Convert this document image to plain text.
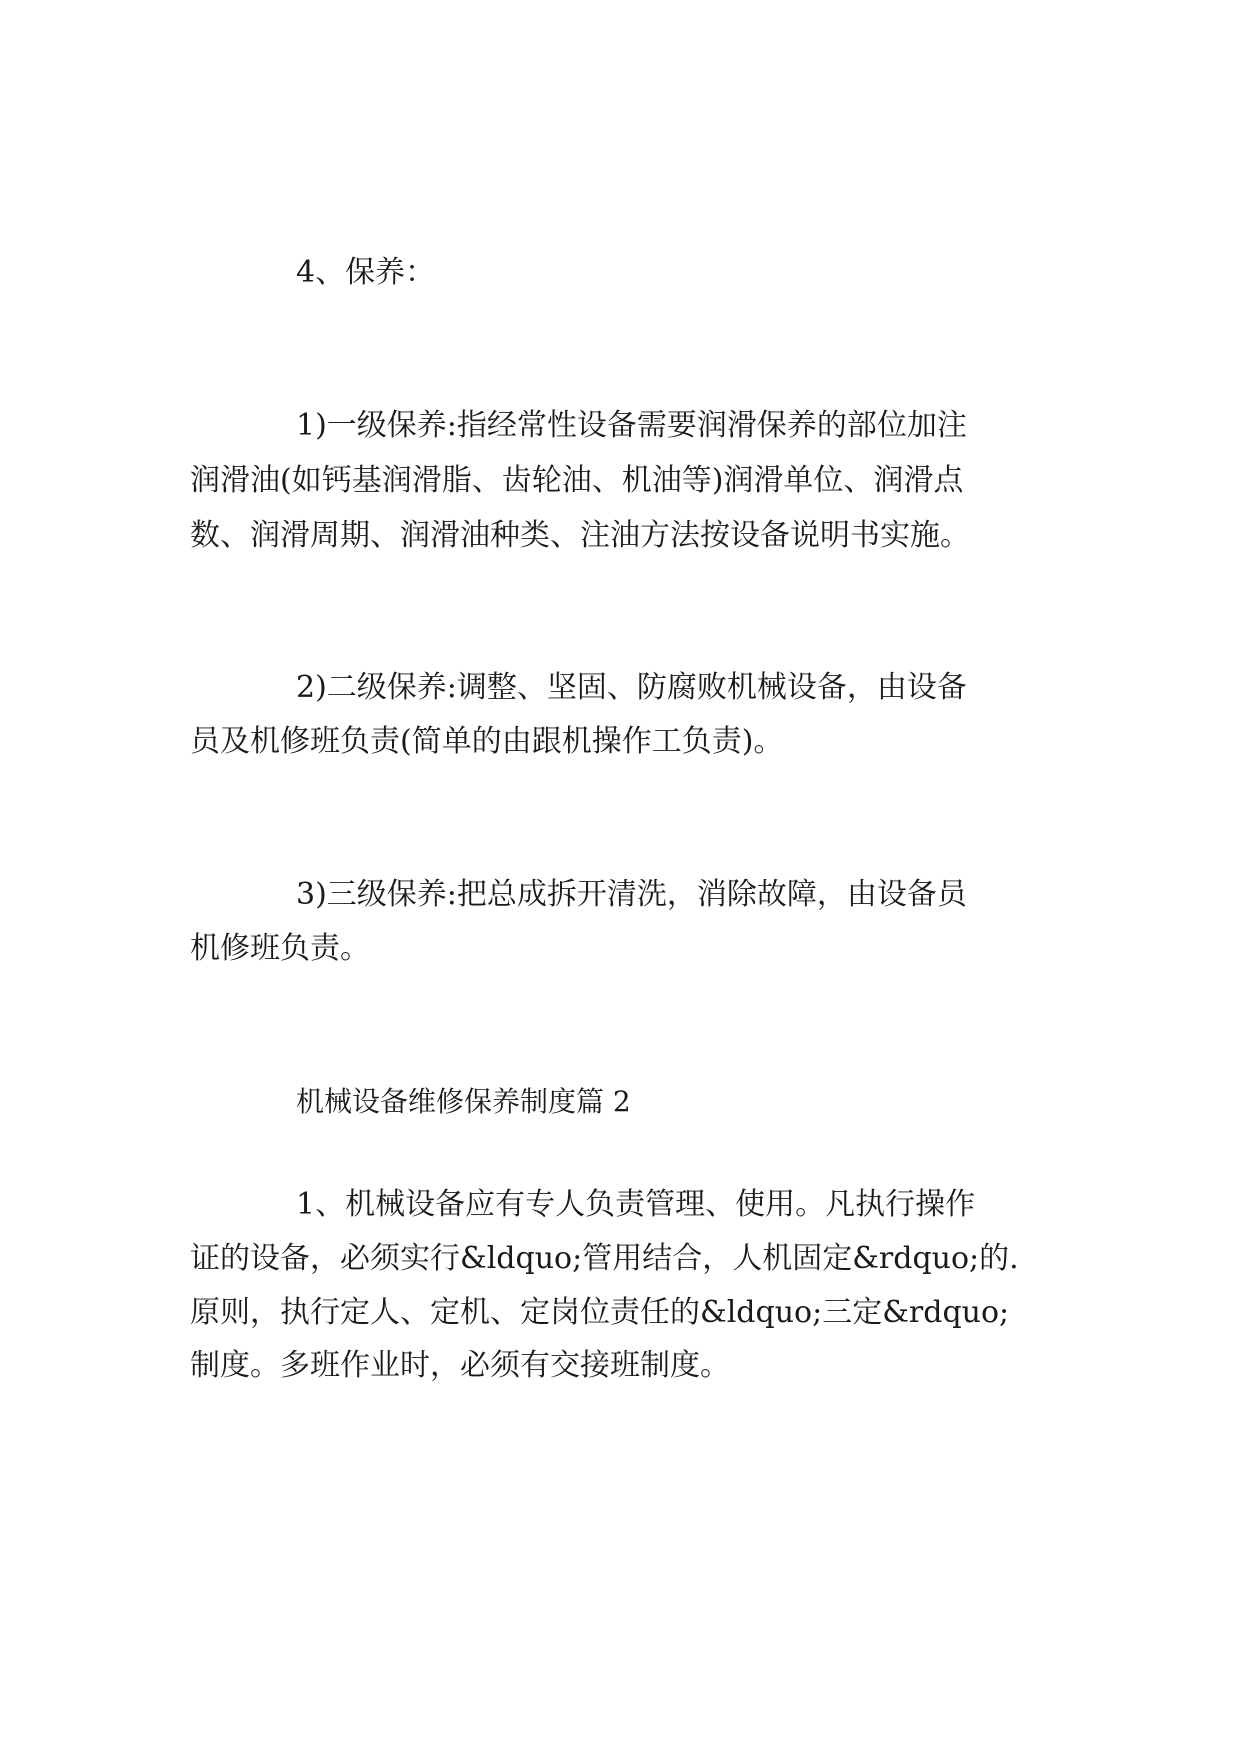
4、保养：
1)一级保养:指经常性设备需要润滑保养的部位加注
润滑油(如钙基润滑脂、齿轮油、机油等)润滑单位、润滑点
数、润滑周期、润滑油种类、注油方法按设备说明书实施。
2)二级保养:调整、坚固、防腐败机械设备，由设备
员及机修班负责(简单的由跟机操作工负责)。
3)三级保养:把总成拆开清洗，消除故障，由设备员
机修班负责。
机械设备维修保养制度篇 2
1、机械设备应有专人负责管理、使用。凡执行操作
证的设备，必须实行&ldquo;管用结合，人机固定&rdquo;的.
原则，执行定人、定机、定岗位责任的&ldquo;三定&rdquo;
制度。多班作业时，必须有交接班制度。
